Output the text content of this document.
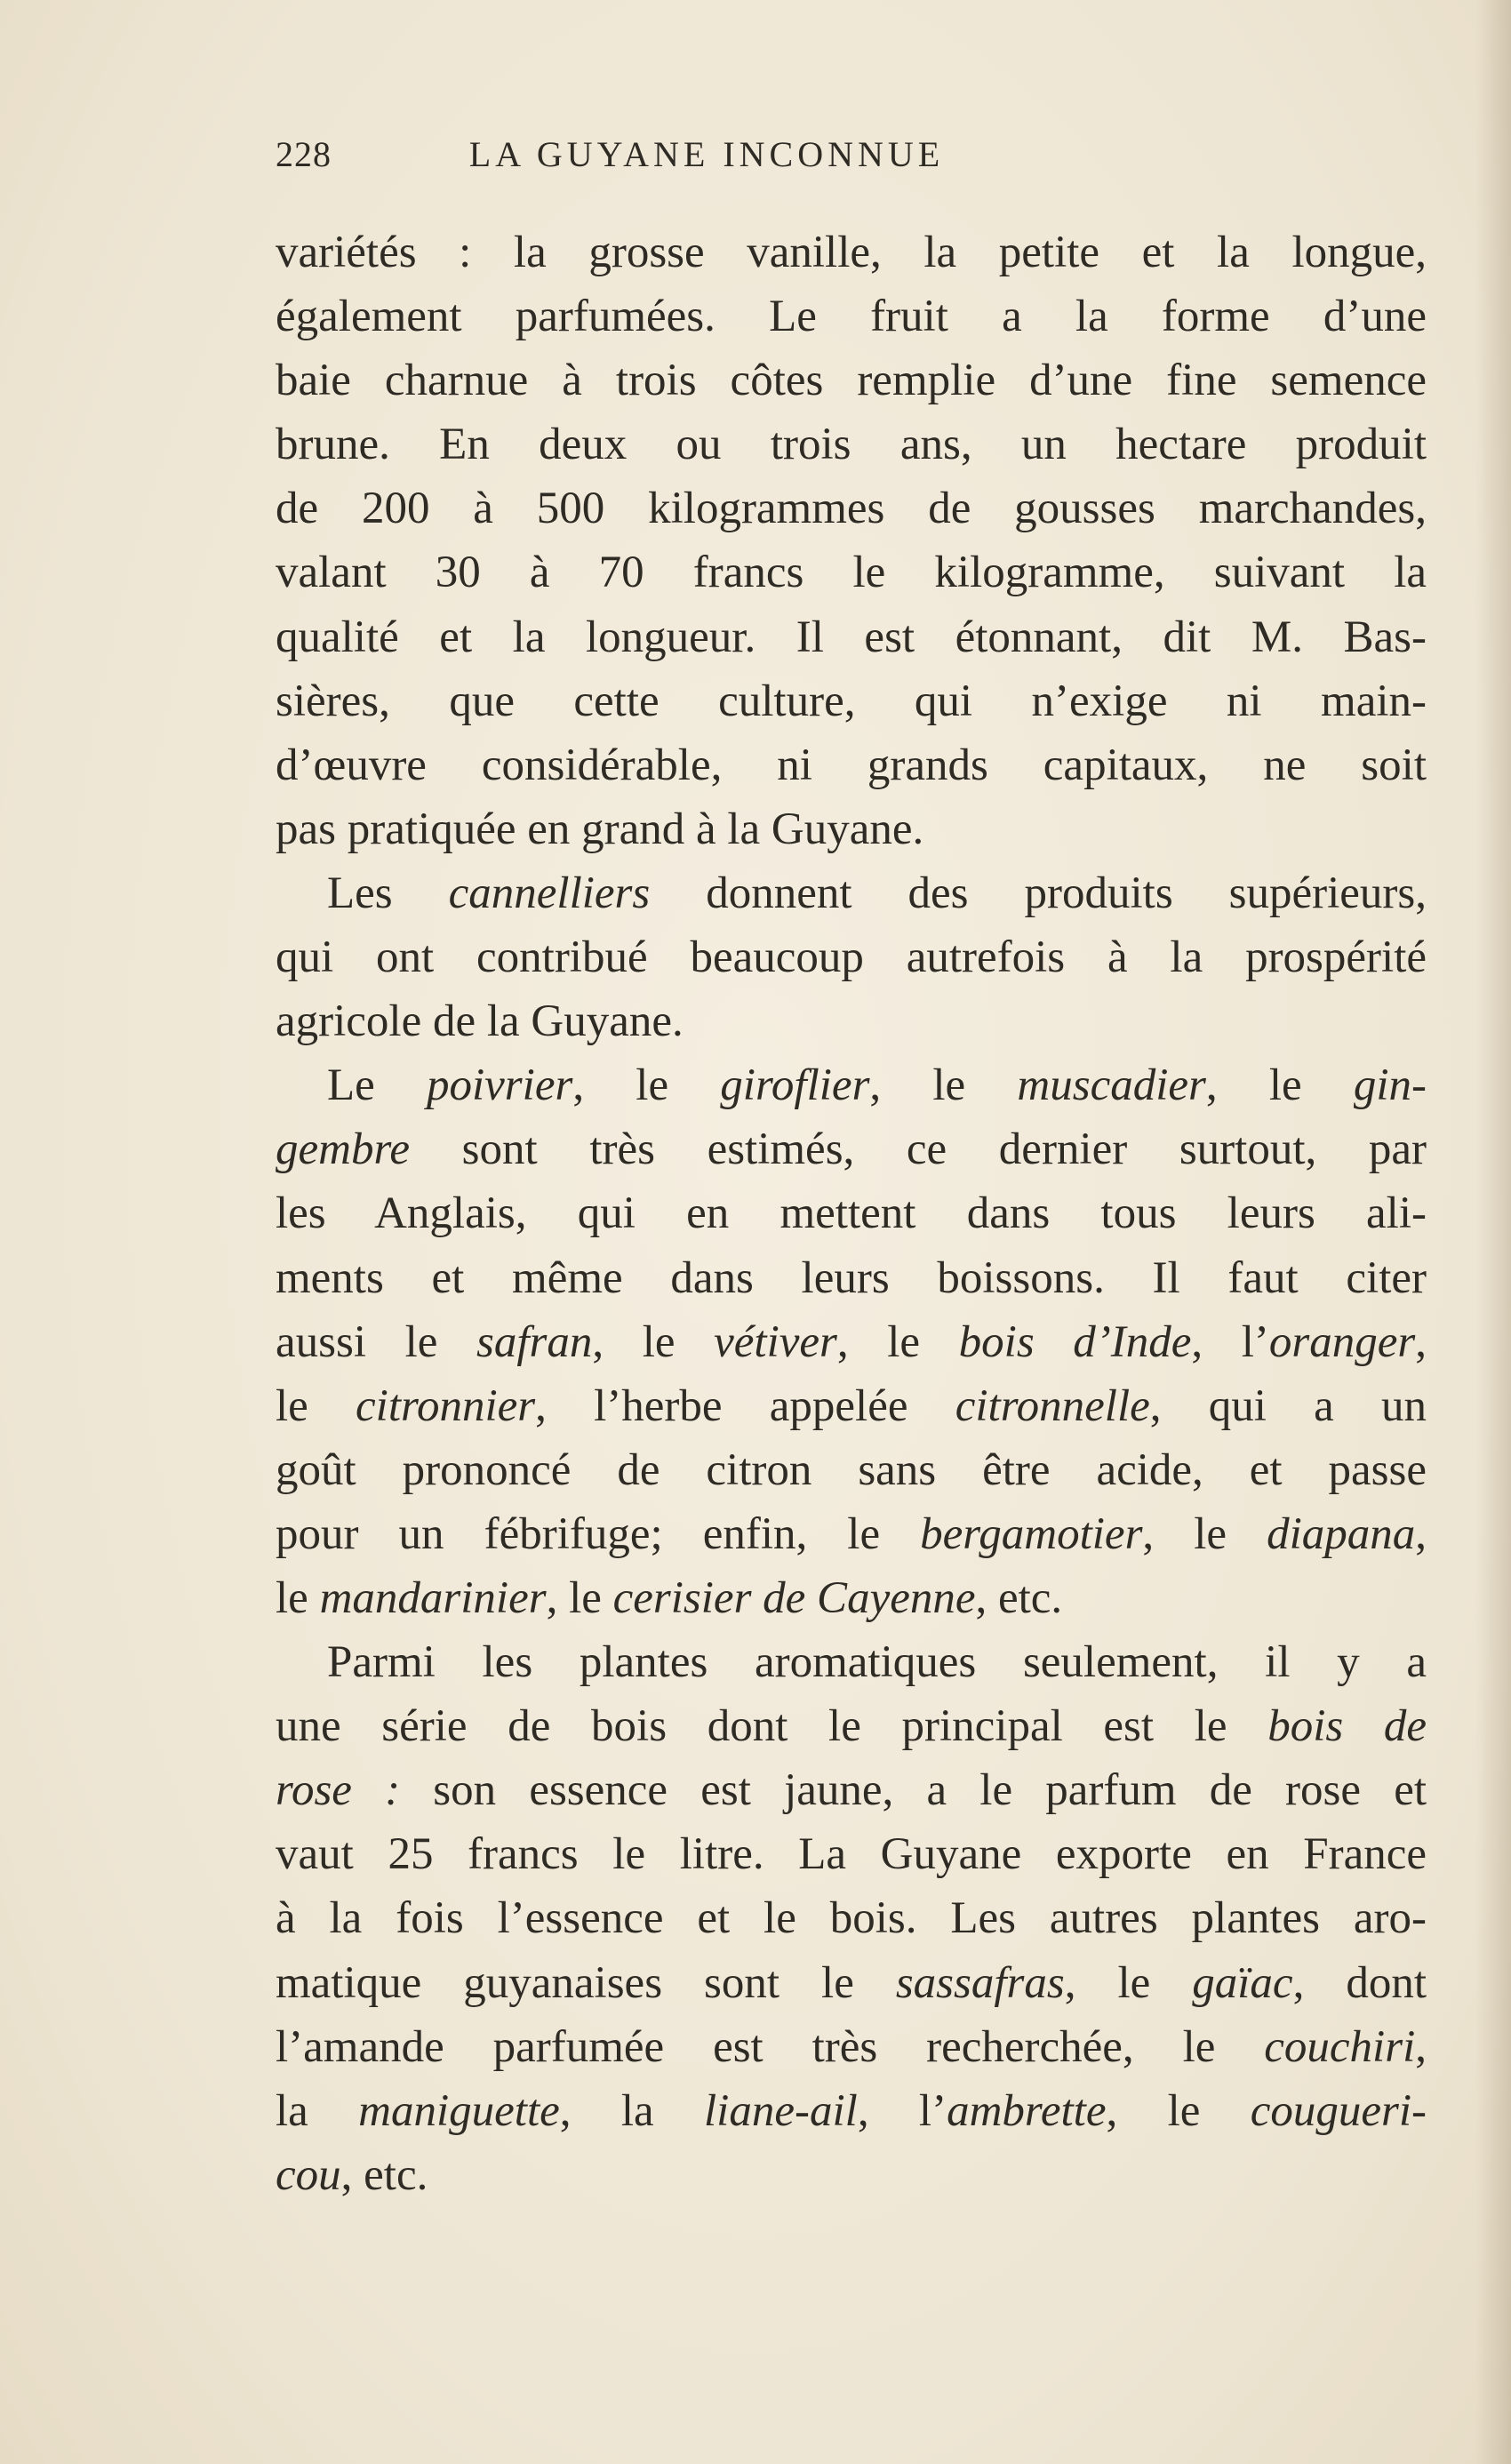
228	LA GUYANE INCONNUE
variétés : la grosse vanille, la petite et la longue,
également parfumées. Le fruit a la forme d’une
baie charnue à trois côtes remplie d’une fine semence
brune. En deux ou trois ans, un hectare produit
de 200 à 500 kilogrammes de gousses marchandes,
valant 30 à 70 francs le kilogramme, suivant la
qualité et la longueur. Il est étonnant, dit M. Bas-
sières, que cette culture, qui n’exige ni main-
d’œuvre considérable, ni grands capitaux, ne soit
pas pratiquée en grand à la Guyane.
Les cannelliers donnent des produits supérieurs,
qui ont contribué beaucoup autrefois à la prospérité
agricole de la Guyane.
Le poivrier, le giroflier, le muscadier, le gin-
gembre sont très estimés, ce dernier surtout, par
les Anglais, qui en mettent dans tous leurs ali-
ments et même dans leurs boissons. Il faut citer
aussi le safran, le vétiver, le bois d’Inde, l’oranger,
le citronnier, l’herbe appelée citronnelle, qui a un
goût prononcé de citron sans être acide, et passe
pour un fébrifuge; enfin, le bergamotier, le diapana,
le mandarinier, le cerisier de Cayenne, etc.
Parmi les plantes aromatiques seulement, il y a
une série de bois dont le principal est le bois de
rose : son essence est jaune, a le parfum de rose et
vaut 25 francs le litre. La Guyane exporte en France
à la fois l’essence et le bois. Les autres plantes aro-
matique guyanaises sont le sassafras, le gaïac, dont
l’amande parfumée est très recherchée, le couchiri,
la maniguette, la liane-ail, l’ambrette, le cougueri-
cou, etc.
